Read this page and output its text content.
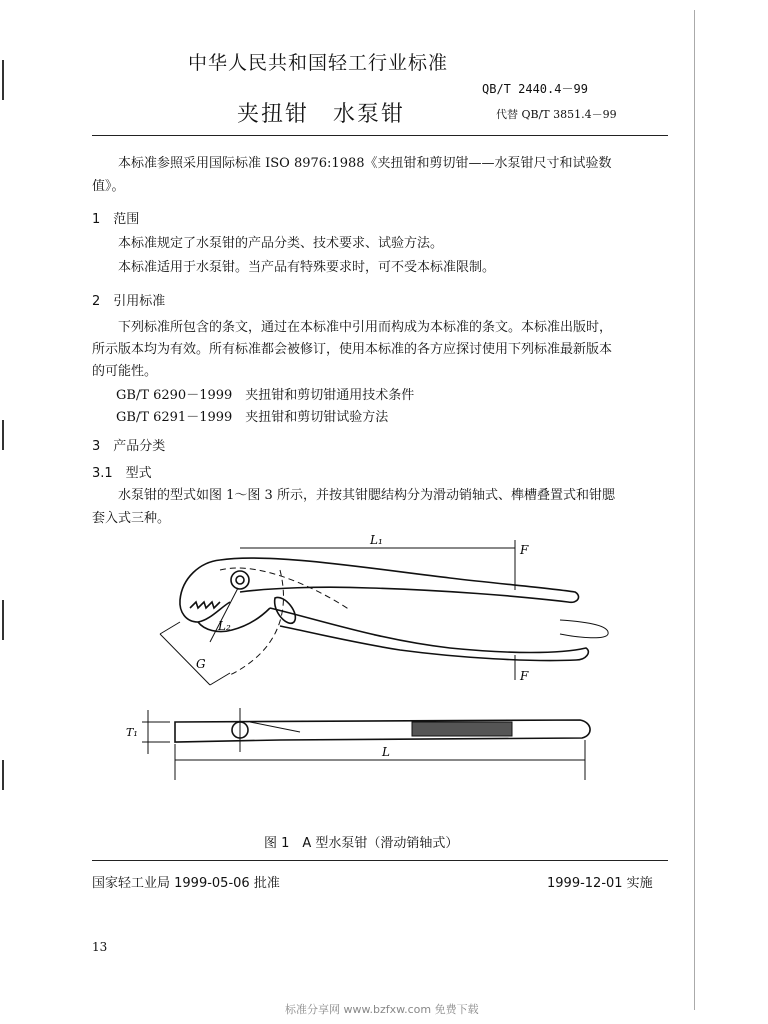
中华人民共和国轻工行业标准
QB/T 2440.4－99
夹扭钳　水泵钳	代替 QB/T 3851.4－99
本标准参照采用国际标准 ISO 8976:1988《夹扭钳和剪切钳——水泵钳尺寸和试验数
值》。
1　范围
本标准规定了水泵钳的产品分类、技术要求、试验方法。
本标准适用于水泵钳。当产品有特殊要求时，可不受本标准限制。
2　引用标准
下列标准所包含的条文，通过在本标准中引用而构成为本标准的条文。本标准出版时，
所示版本均为有效。所有标准都会被修订，使用本标准的各方应探讨使用下列标准最新版本
的可能性。
GB/T 6290－1999　夹扭钳和剪切钳通用技术条件
GB/T 6291－1999　夹扭钳和剪切钳试验方法
3　产品分类
3.1　型式
水泵钳的型式如图 1～图 3 所示，并按其钳腮结构分为滑动销轴式、榫槽叠置式和钳腮
套入式三种。
L₁
F
F
L₂
G
T₁
L
图 1　A 型水泵钳（滑动销轴式）
国家轻工业局 1999-05-06 批准	1999-12-01 实施
13
标准分享网 www.bzfxw.com 免费下载
